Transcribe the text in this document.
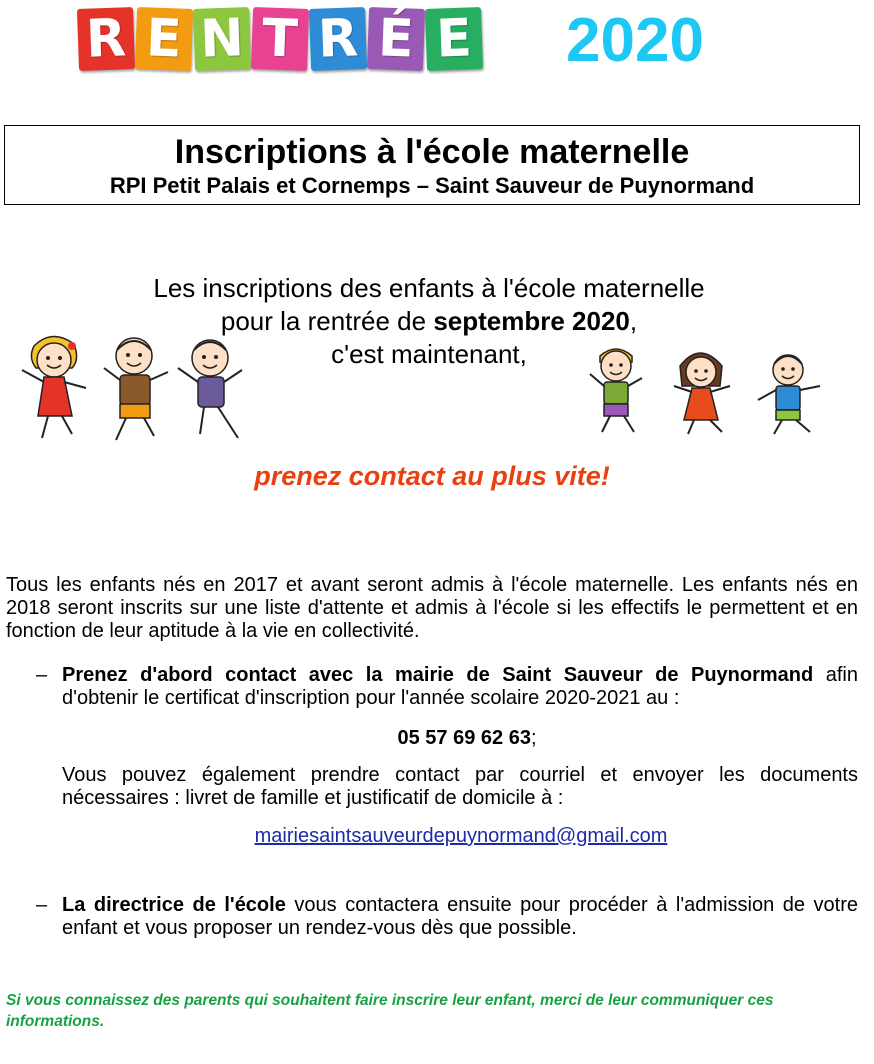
R E N T R É E 2020
Inscriptions à l'école maternelle
RPI Petit Palais et Cornemps – Saint Sauveur de Puynormand

Les inscriptions des enfants à l'école maternelle

pour la rentrée de septembre 2020,

c'est maintenant,

prenez contact au plus vite!
Tous les enfants nés en 2017 et avant seront admis à l'école maternelle. Les enfants nés en 2018 seront inscrits sur une liste d'attente et admis à l'école si les effectifs le permettent et en fonction de leur aptitude à la vie en collectivité.
– Prenez d'abord contact avec la mairie de Saint Sauveur de Puynormand afin d'obtenir le certificat d'inscription pour l'année scolaire 2020-2021 au :
05 57 69 62 63;
Vous pouvez également prendre contact par courriel et envoyer les documents nécessaires : livret de famille et justificatif de domicile à :
mairiesaintsauveurdepuynormand@gmail.com
– La directrice de l'école vous contactera ensuite pour procéder à l'admission de votre enfant et vous proposer un rendez-vous dès que possible.
Si vous connaissez des parents qui souhaitent faire inscrire leur enfant, merci de leur communiquer ces informations.
